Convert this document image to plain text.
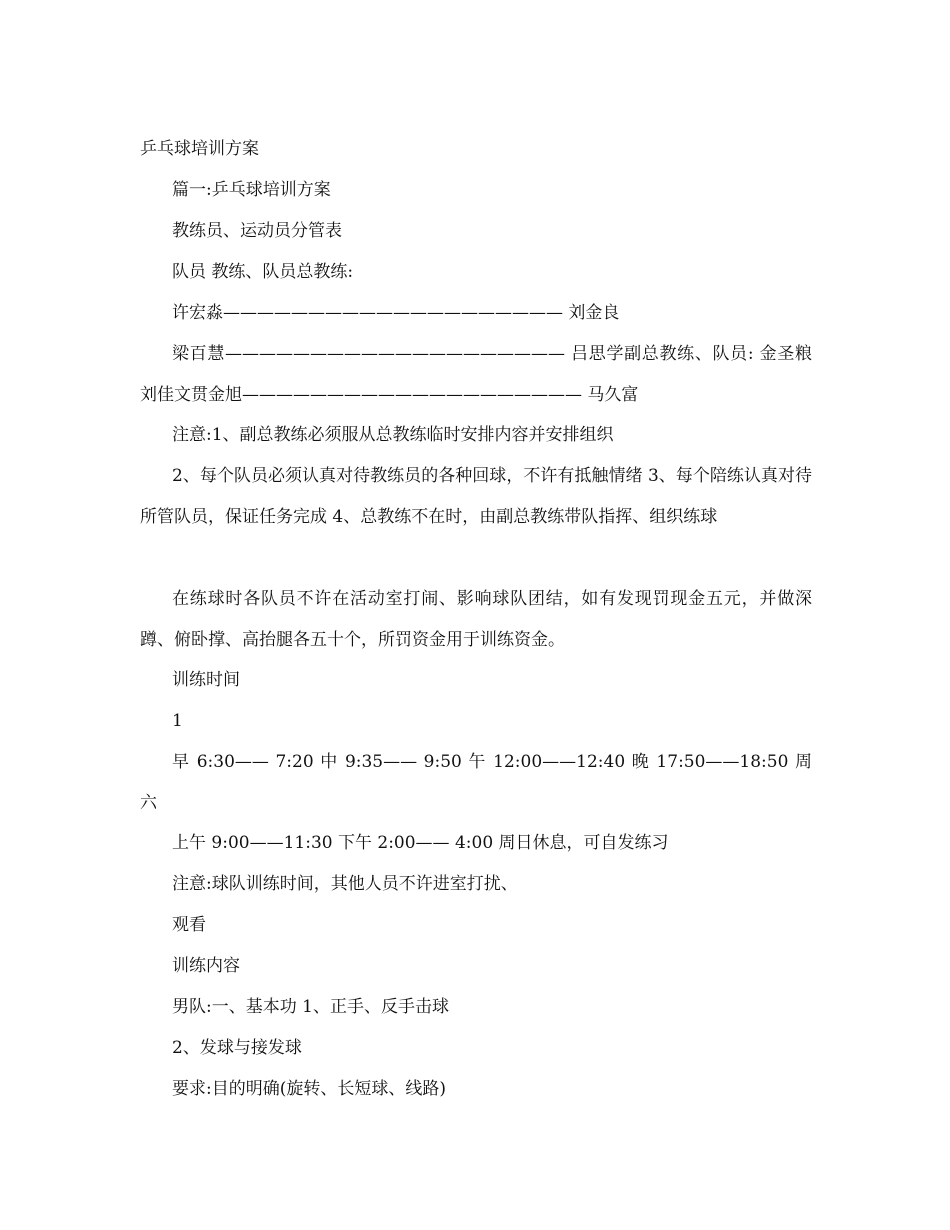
乒乓球培训方案

篇一:乒乓球培训方案

教练员、运动员分管表

队员 教练、队员总教练:

许宏淼———————————————————— 刘金良

梁百慧———————————————————— 吕思学副总教练、队员: 金圣粮 刘佳文贯金旭———————————————————— 马久富

注意:1、副总教练必须服从总教练临时安排内容并安排组织

2、每个队员必须认真对待教练员的各种回球，不许有抵触情绪 3、每个陪练认真对待所管队员，保证任务完成 4、总教练不在时，由副总教练带队指挥、组织练球

在练球时各队员不许在活动室打闹、影响球队团结，如有发现罚现金五元，并做深蹲、俯卧撑、高抬腿各五十个，所罚资金用于训练资金。

训练时间

1

早 6:30—— 7:20 中 9:35—— 9:50 午 12:00——12:40 晚 17:50——18:50 周六

上午 9:00——11:30 下午 2:00—— 4:00 周日休息，可自发练习

注意:球队训练时间，其他人员不许进室打扰、

观看

训练内容

男队:一、基本功 1、正手、反手击球

2、发球与接发球

要求:目的明确(旋转、长短球、线路)
